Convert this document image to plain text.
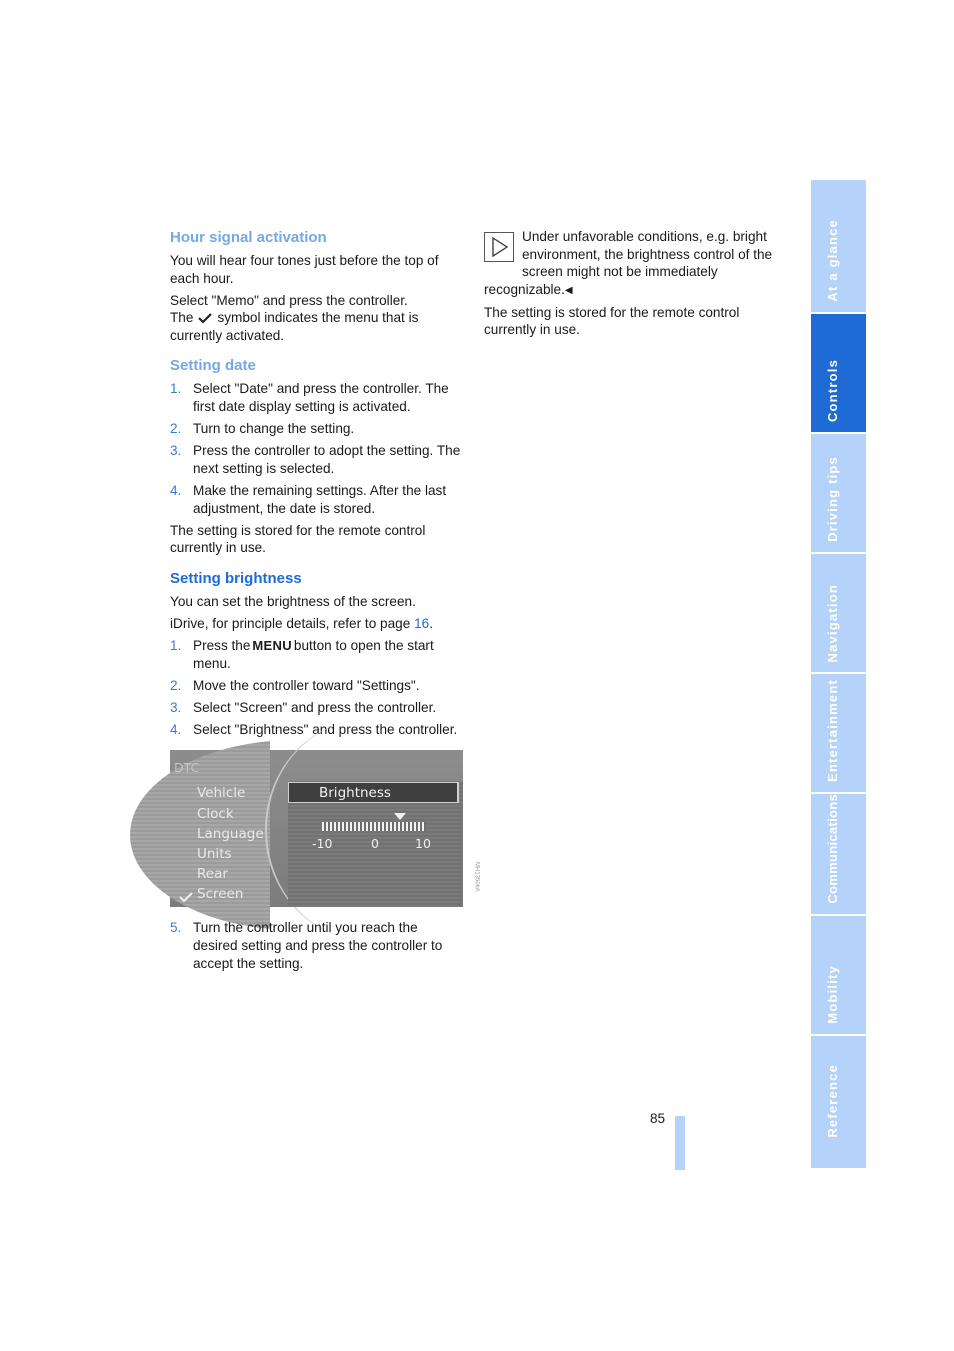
Hour signal activation

You will hear four tones just before the top of each hour.

Select "Memo" and press the controller.
The symbol indicates the menu that is currently activated.

Setting date
1. Select "Date" and press the controller. The first date display setting is activated.
2. Turn to change the setting.
3. Press the controller to adopt the setting. The next setting is selected.
4. Make the remaining settings. After the last adjustment, the date is stored.

The setting is stored for the remote control currently in use.

Setting brightness

You can set the brightness of the screen.

iDrive, for principle details, refer to page 16.

1. Press the MENU button to open the start menu.
2. Move the controller toward "Settings".
3. Select "Screen" and press the controller.
4. Select "Brightness" and press the controller.
DTC
Vehicle
Clock
Language
Units
Rear
Screen
Brightness
-10	0	10
MH1350kA
5. Turn the controller until you reach the desired setting and press the controller to accept the setting.

Under unfavorable conditions, e.g. bright environment, the brightness control of the screen might not be immediately recognizable.◀

The setting is stored for the remote control currently in use.

At a glance
Controls
Driving tips
Navigation
Entertainment
Communications
Mobility
Reference
85
